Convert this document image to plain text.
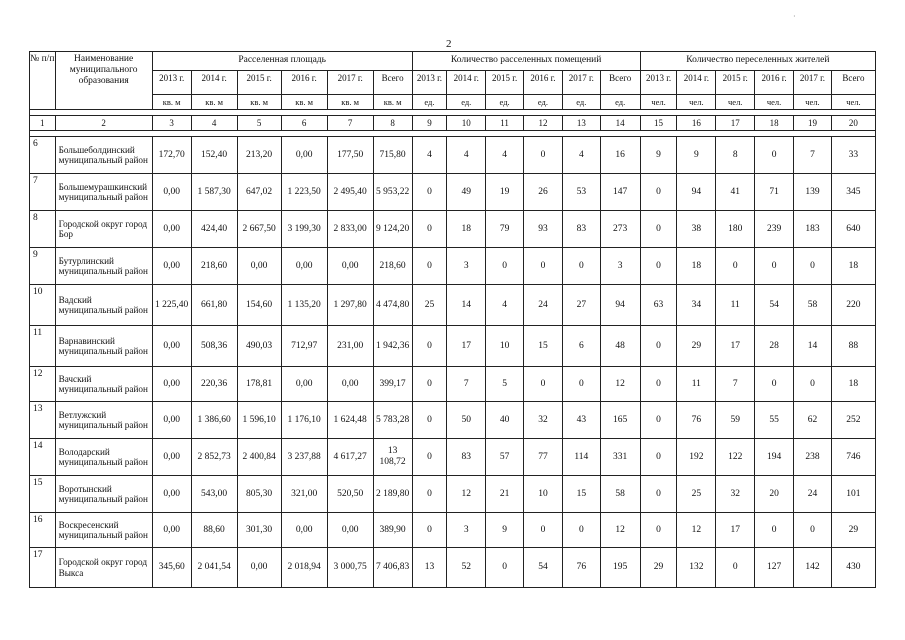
·
2
№ п/п	Наименование муниципального образования	Расселенная площадь						Количество расселенных помещений						Количество переселенных жителей					
		2013 г.	2014 г.	2015 г.	2016 г.	2017 г.	Всего	2013 г.	2014 г.	2015 г.	2016 г.	2017 г.	Всего	2013 г.	2014 г.	2015 г.	2016 г.	2017 г.	Всего
		кв. м	кв. м	кв. м	кв. м	кв. м	кв. м	ед.	ед.	ед.	ед.	ед.	ед.	чел.	чел.	чел.	чел.	чел.	чел.

1	2	3	4	5	6	7	8	9	10	11	12	13	14	15	16	17	18	19	20

6	Большеболдинский муниципальный район	172,70	152,40	213,20	0,00	177,50	715,80	4	4	4	0	4	16	9	9	8	0	7	33
7	Большемурашкинский муниципальный район	0,00	1 587,30	647,02	1 223,50	2 495,40	5 953,22	0	49	19	26	53	147	0	94	41	71	139	345
8	Городской округ город Бор	0,00	424,40	2 667,50	3 199,30	2 833,00	9 124,20	0	18	79	93	83	273	0	38	180	239	183	640
9	Бутурлинский муниципальный район	0,00	218,60	0,00	0,00	0,00	218,60	0	3	0	0	0	3	0	18	0	0	0	18
10	Вадский муниципальный район	1 225,40	661,80	154,60	1 135,20	1 297,80	4 474,80	25	14	4	24	27	94	63	34	11	54	58	220
11	Варнавинский муниципальный район	0,00	508,36	490,03	712,97	231,00	1 942,36	0	17	10	15	6	48	0	29	17	28	14	88
12	Вачский муниципальный район	0,00	220,36	178,81	0,00	0,00	399,17	0	7	5	0	0	12	0	11	7	0	0	18
13	Ветлужский муниципальный район	0,00	1 386,60	1 596,10	1 176,10	1 624,48	5 783,28	0	50	40	32	43	165	0	76	59	55	62	252
14	Володарский муниципальный район	0,00	2 852,73	2 400,84	3 237,88	4 617,27	13 108,72	0	83	57	77	114	331	0	192	122	194	238	746
15	Воротынский муниципальный район	0,00	543,00	805,30	321,00	520,50	2 189,80	0	12	21	10	15	58	0	25	32	20	24	101
16	Воскресенский муниципальный район	0,00	88,60	301,30	0,00	0,00	389,90	0	3	9	0	0	12	0	12	17	0	0	29
17	Городской округ город Выкса	345,60	2 041,54	0,00	2 018,94	3 000,75	7 406,83	13	52	0	54	76	195	29	132	0	127	142	430
